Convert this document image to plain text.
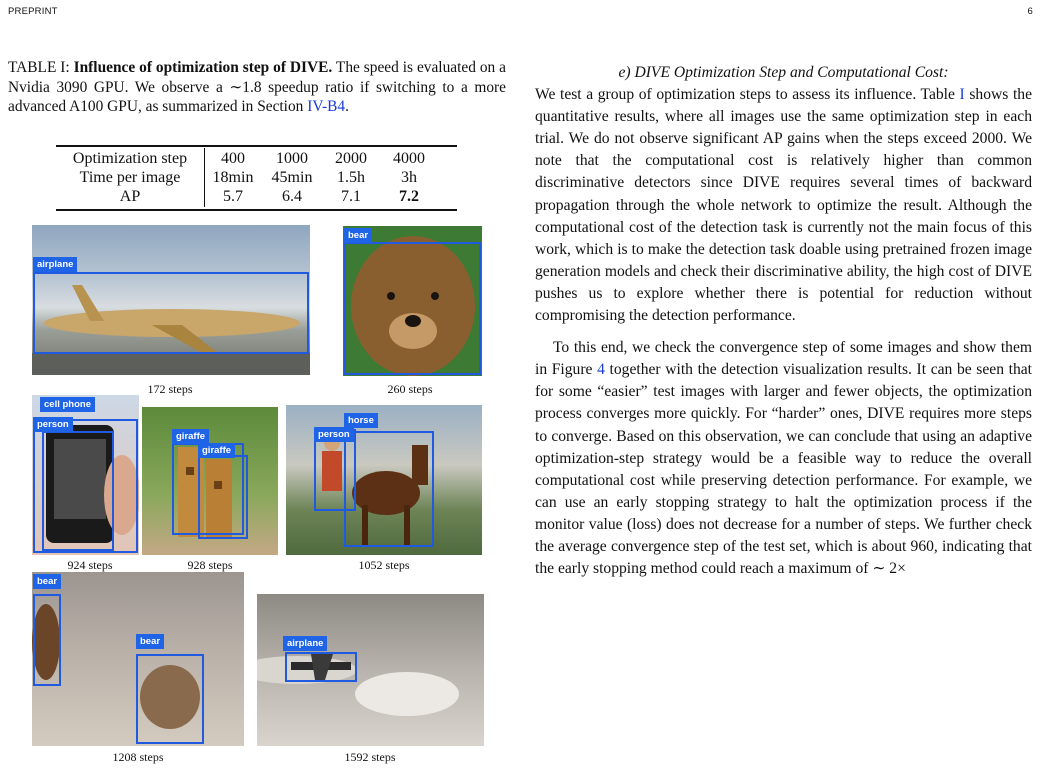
PREPRINT	6
TABLE I: Influence of optimization step of DIVE. The speed is evaluated on a Nvidia 3090 GPU. We observe a ∼1.8 speedup ratio if switching to a more advanced A100 GPU, as summarized in Section IV-B4.
Optimization step	400	1000	2000	4000
Time per image	18min	45min	1.5h	3h
AP	5.7	6.4	7.1	7.2
airplane
172 steps
bear
260 steps
cell phone
person
924 steps
giraffe
giraffe
928 steps
person
horse
1052 steps
bear
bear
1208 steps
airplane
1592 steps

e) DIVE Optimization Step and Computational Cost:

We test a group of optimization steps to assess its influence. Table I shows the quantitative results, where all images use the same optimization step in each trial. We do not observe significant AP gains when the steps exceed 2000. We note that the computational cost is relatively higher than common discriminative detectors since DIVE requires several times of backward propagation through the whole network to optimize the result. Although the computational cost of the detection task is currently not the main focus of this work, which is to make the detection task doable using pretrained frozen image generation models and check their discriminative ability, the high cost of DIVE pushes us to explore whether there is potential for reduction without compromising the detection performance.

To this end, we check the convergence step of some images and show them in Figure 4 together with the detection visualization results. It can be seen that for some “easier” test images with larger and fewer objects, the optimization process converges more quickly. For “harder” ones, DIVE requires more steps to converge. Based on this observation, we can conclude that using an adaptive optimization-step strategy would be a feasible way to reduce the overall computational cost while preserving detection performance. For example, we can use an early stopping strategy to halt the optimization process if the monitor value (loss) does not decrease for a number of steps. We further check the average convergence step of the test set, which is about 960, indicating that the early stopping method could reach a maximum of ∼ 2×
